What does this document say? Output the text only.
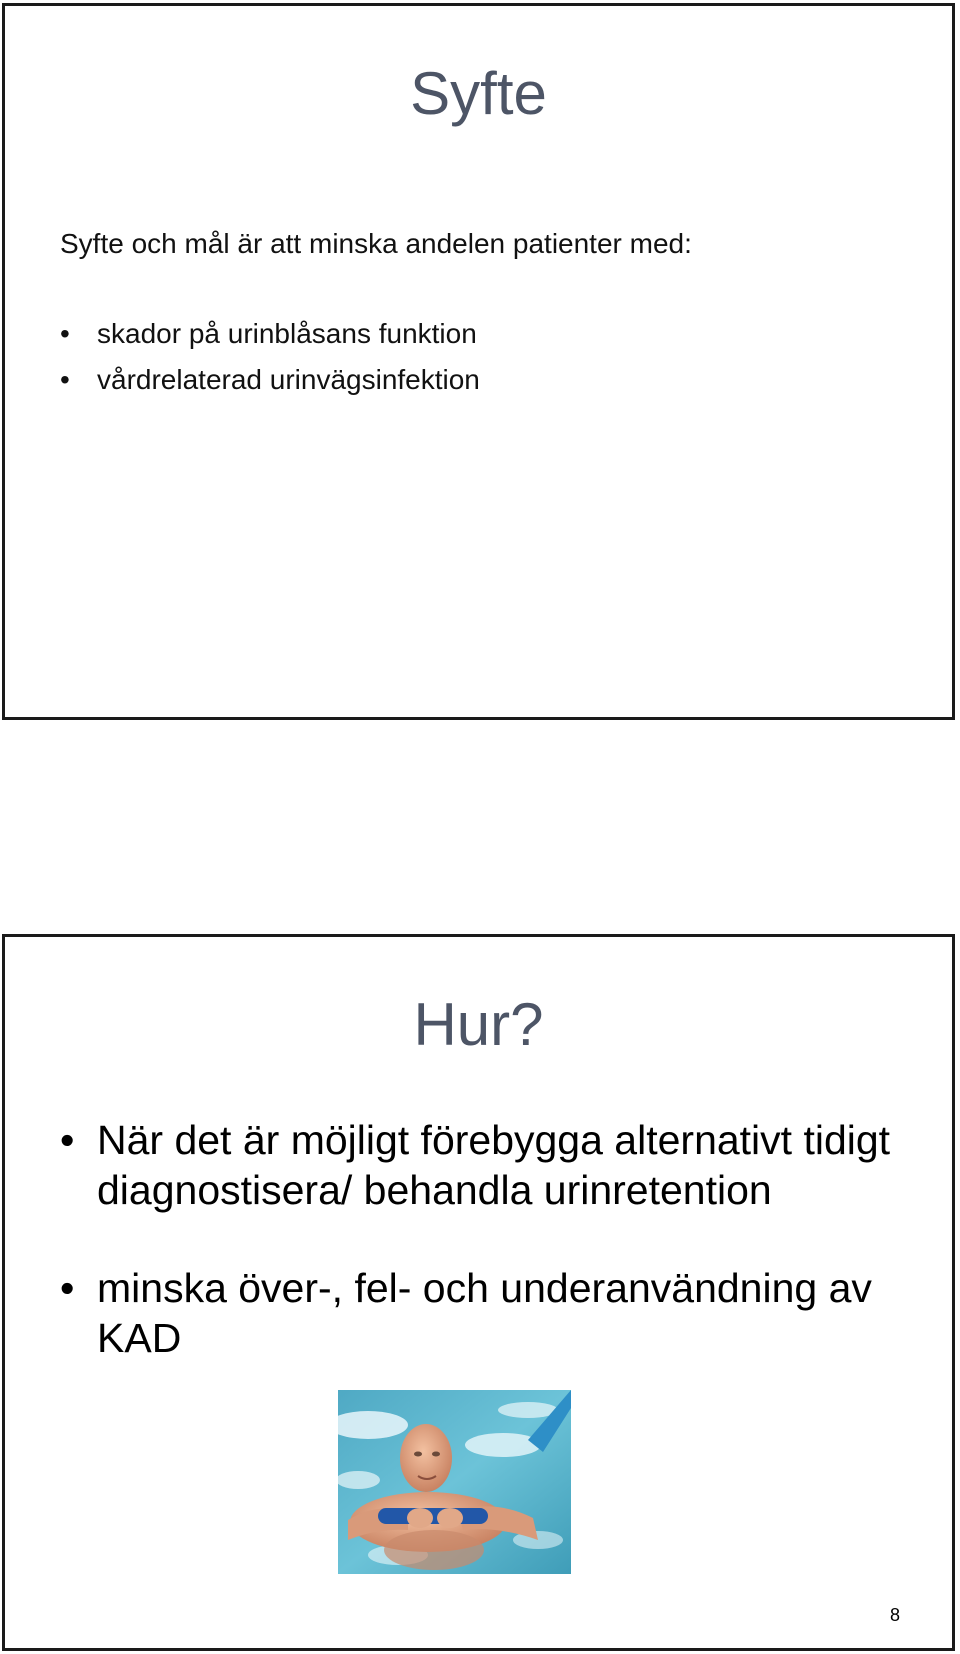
Syfte
Syfte och mål är att minska andelen patienter med:
• skador på urinblåsans funktion
• vårdrelaterad urinvägsinfektion
Hur?
• När det är möjligt förebygga alternativt tidigt diagnostisera/ behandla urinretention
• minska över-, fel- och underanvändning av KAD
8
